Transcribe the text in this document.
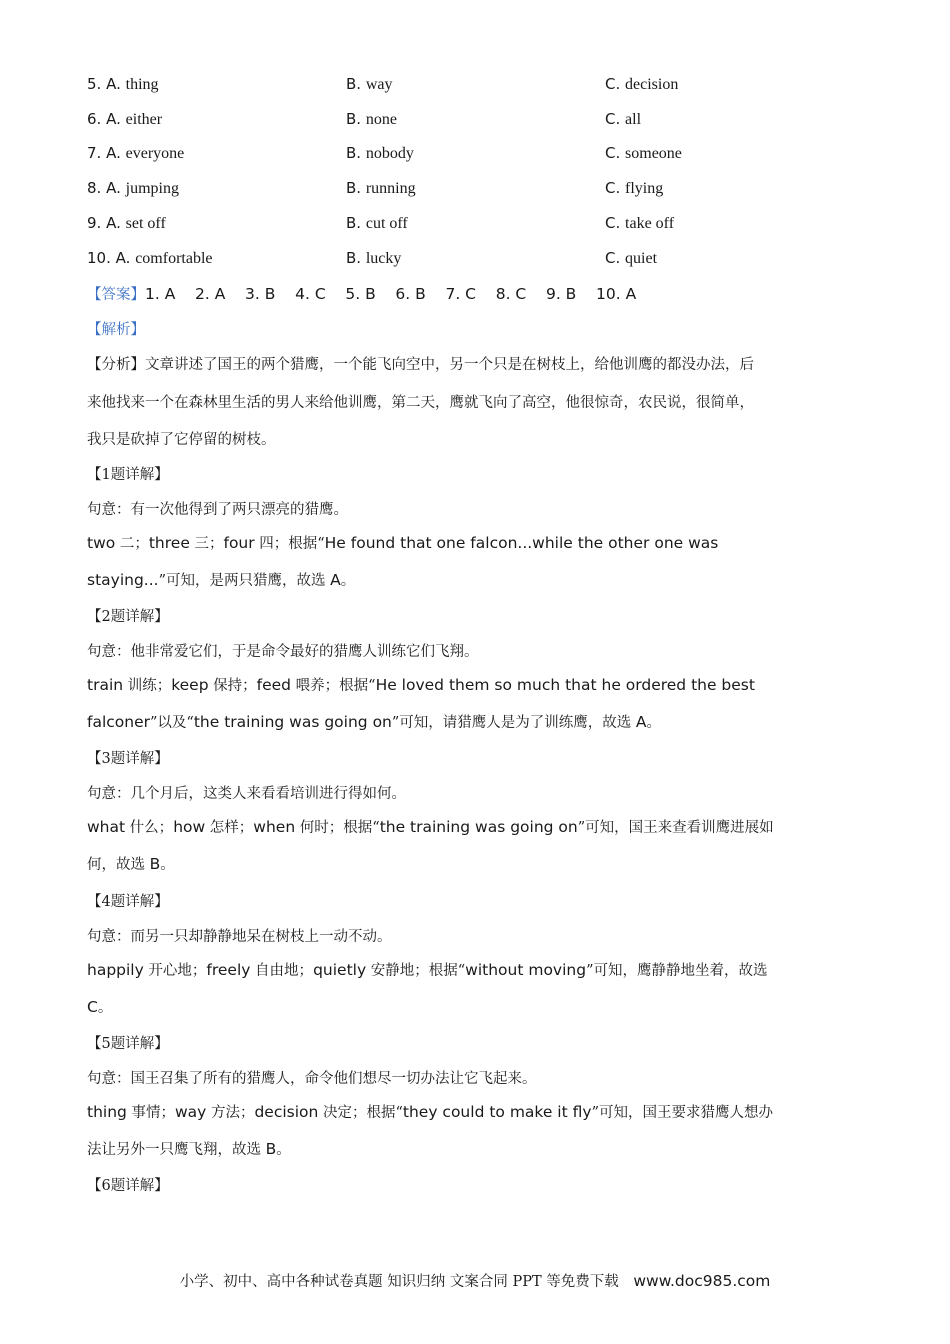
5. A. thing	B. way	C. decision
6. A. either	B. none	C. all
7. A. everyone	B. nobody	C. someone
8. A. jumping	B. running	C. flying
9. A. set off	B. cut off	C. take off
10. A. comfortable	B. lucky	C. quiet
【答案】1. A    2. A    3. B    4. C    5. B    6. B    7. C    8. C    9. B    10. A
【解析】
【分析】文章讲述了国王的两个猎鹰，一个能飞向空中，另一个只是在树枝上，给他训鹰的都没办法，后
来他找来一个在森林里生活的男人来给他训鹰，第二天，鹰就飞向了高空，他很惊奇，农民说，很简单，
我只是砍掉了它停留的树枝。
【1题详解】
句意：有一次他得到了两只漂亮的猎鹰。
two 二；three 三；four 四；根据“He found that one falcon...while the other one was
staying...”可知，是两只猎鹰，故选 A。
【2题详解】
句意：他非常爱它们，于是命令最好的猎鹰人训练它们飞翔。
train 训练；keep 保持；feed 喂养；根据“He loved them so much that he ordered the best
falconer”以及“the training was going on”可知，请猎鹰人是为了训练鹰，故选 A。
【3题详解】
句意：几个月后，这类人来看看培训进行得如何。
what 什么；how 怎样；when 何时；根据“the training was going on”可知，国王来查看训鹰进展如
何，故选 B。
【4题详解】
句意：而另一只却静静地呆在树枝上一动不动。
happily 开心地；freely 自由地；quietly 安静地；根据“without moving”可知，鹰静静地坐着，故选
C。
【5题详解】
句意：国王召集了所有的猎鹰人，命令他们想尽一切办法让它飞起来。
thing 事情；way 方法；decision 决定；根据“they could to make it fly”可知，国王要求猎鹰人想办
法让另外一只鹰飞翔，故选 B。
【6题详解】
小学、初中、高中各种试卷真题 知识归纳 文案合同 PPT 等免费下载 www.doc985.com
